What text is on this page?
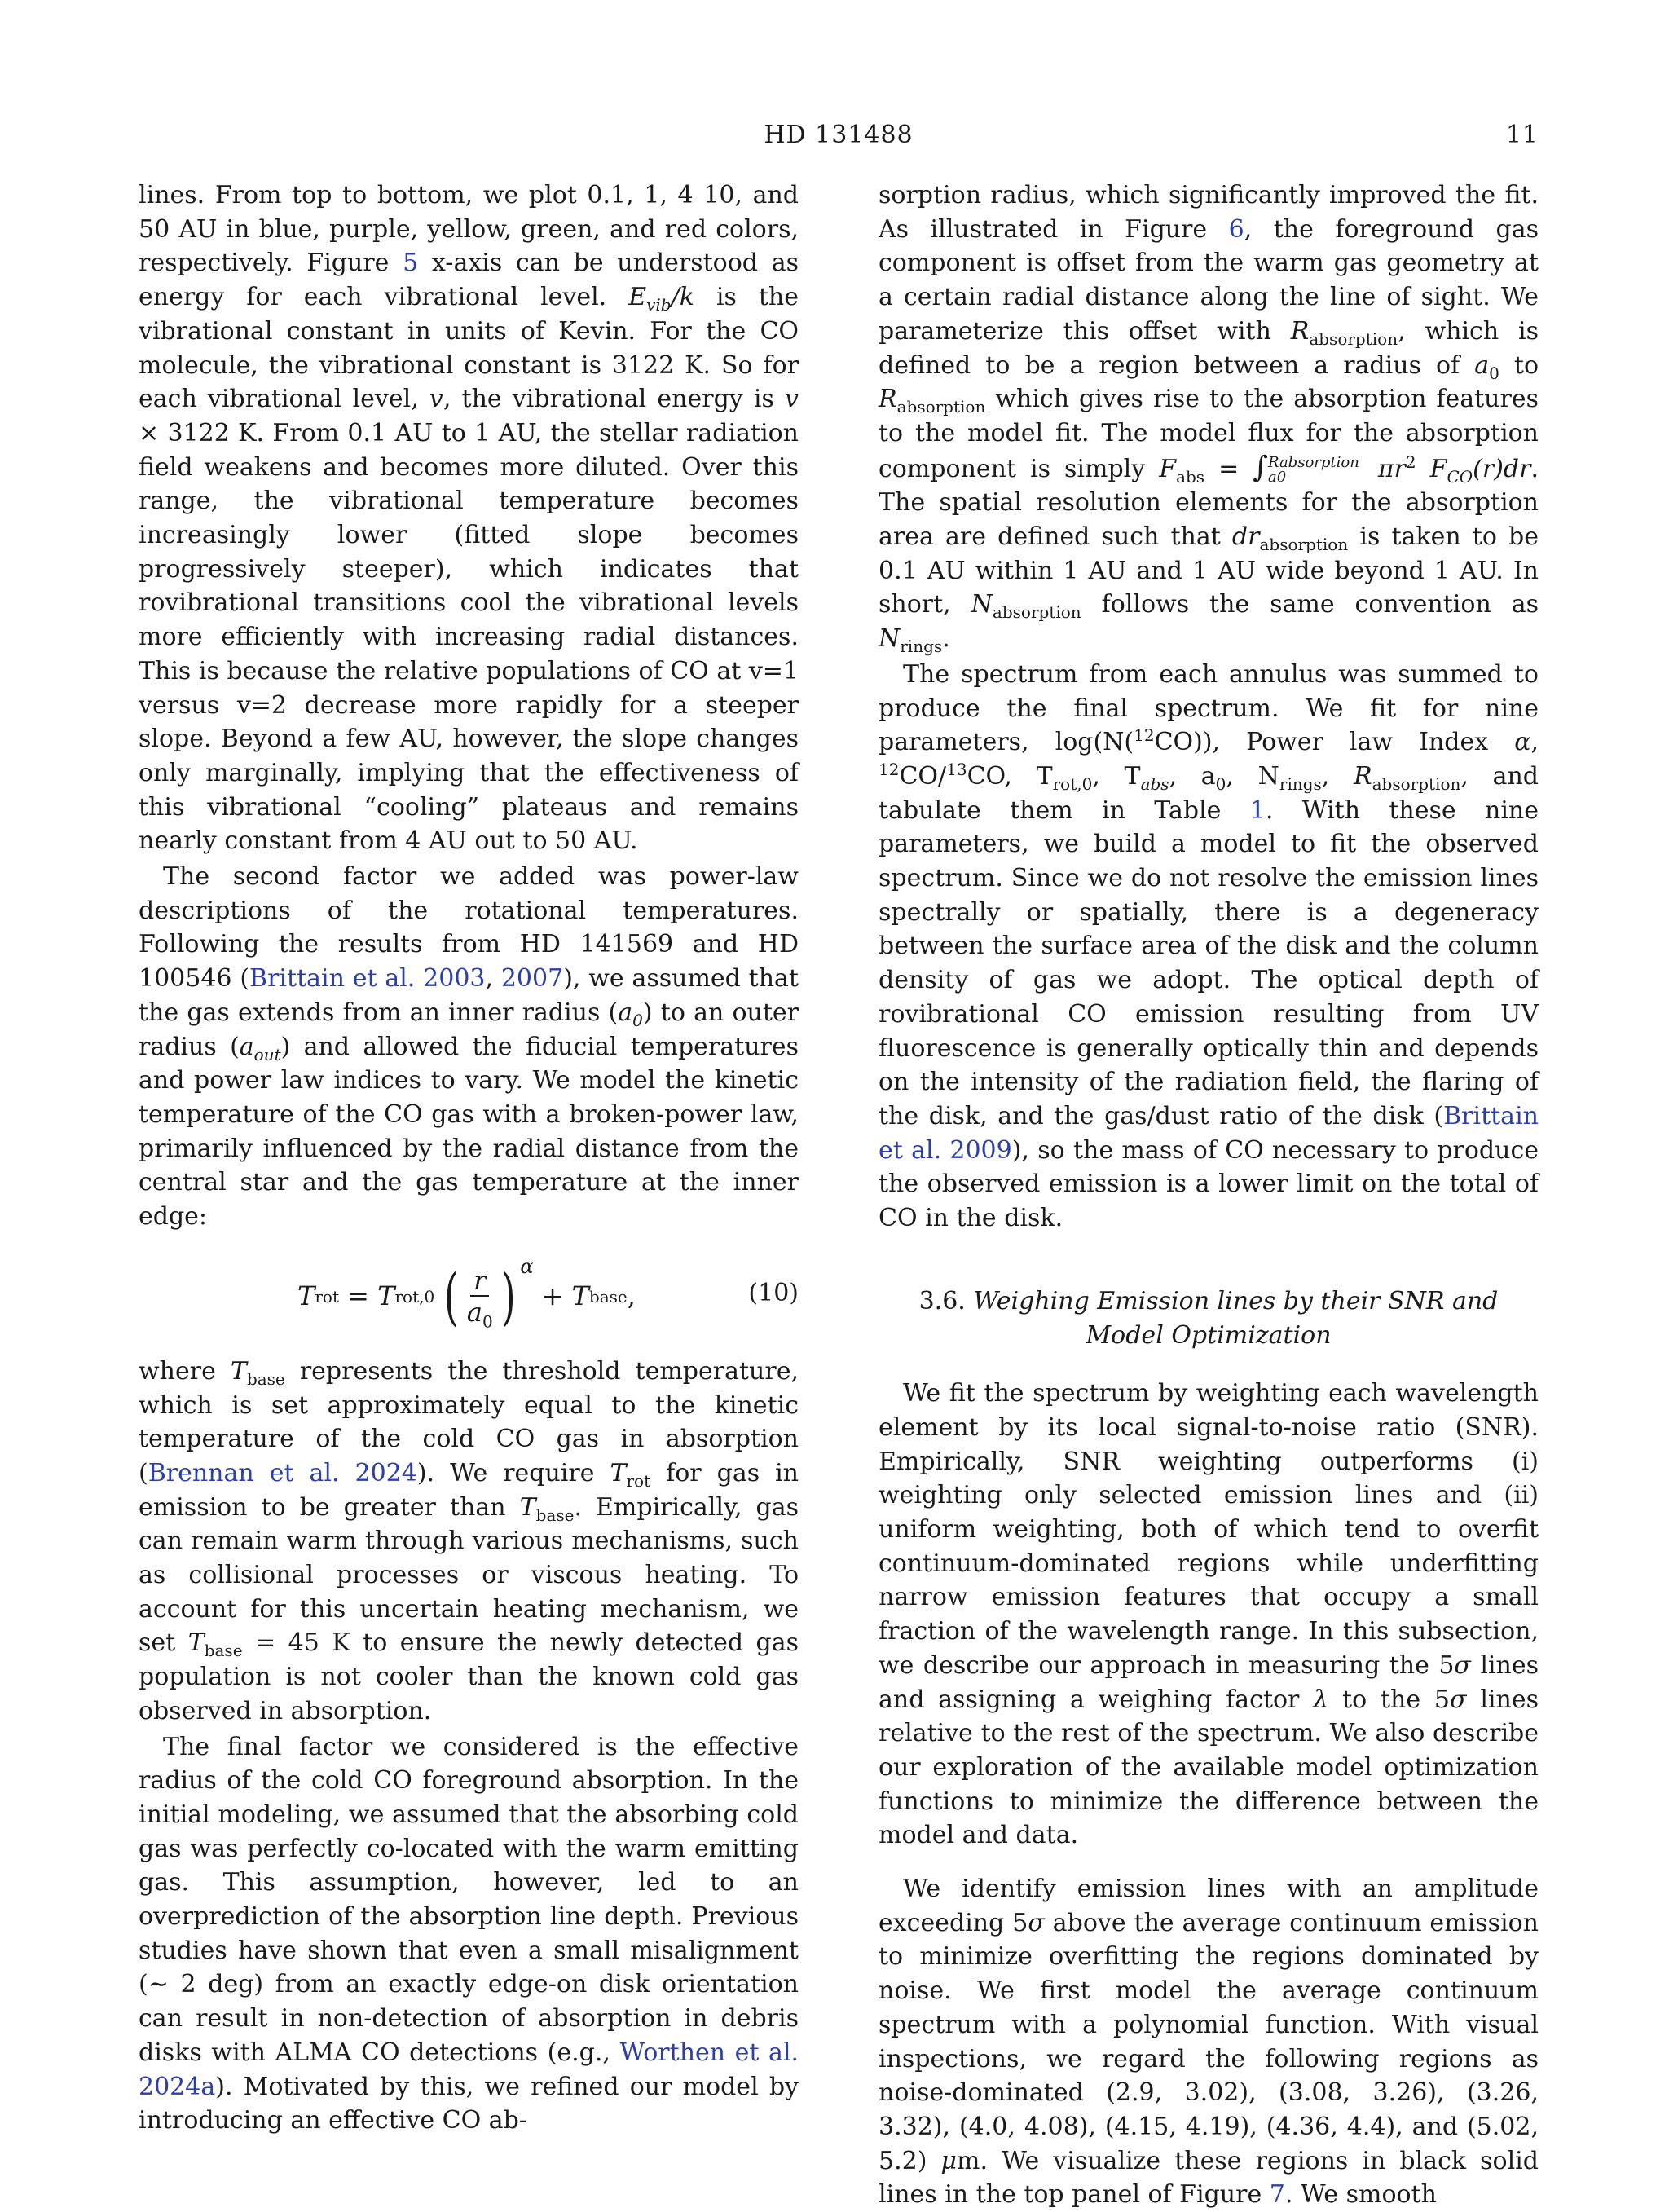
HD 131488	11

lines. From top to bottom, we plot 0.1, 1, 4 10, and 50 AU in blue, purple, yellow, green, and red colors, respectively. Figure 5 x-axis can be understood as energy for each vibrational level. $E_{vib}/k$ is the vibrational constant in units of Kevin. For the CO molecule, the vibrational constant is 3122 K. So for each vibrational level, v, the vibrational energy is v × 3122 K. From 0.1 AU to 1 AU, the stellar radiation field weakens and becomes more diluted. Over this range, the vibrational temperature becomes increasingly lower (fitted slope becomes progressively steeper), which indicates that rovibrational transitions cool the vibrational levels more efficiently with increasing radial distances. This is because the relative populations of CO at v=1 versus v=2 decrease more rapidly for a steeper slope. Beyond a few AU, however, the slope changes only marginally, implying that the effectiveness of this vibrational “cooling” plateaus and remains nearly constant from 4 AU out to 50 AU.

The second factor we added was power-law descriptions of the rotational temperatures. Following the results from HD 141569 and HD 100546 (Brittain et al. 2003, 2007), we assumed that the gas extends from an inner radius $(a_0)$ to an outer radius $(a_{out})$ and allowed the fiducial temperatures and power law indices to vary. We model the kinetic temperature of the CO gas with a broken-power law, primarily influenced by the radial distance from the central star and the gas temperature at the inner edge:

T rot = T rot,0 ( $\frac{r}{a_0}$ ) α
+ T base ,	(10)

where $T_{base}$ represents the threshold temperature, which is set approximately equal to the kinetic temperature of the cold CO gas in absorption (Brennan et al. 2024). We require $T_{rot}$ for gas in emission to be greater than $T_{base}$. Empirically, gas can remain warm through various mechanisms, such as collisional processes or viscous heating. To account for this uncertain heating mechanism, we set $T_{base} = 45$ K to ensure the newly detected gas population is not cooler than the known cold gas observed in absorption.

The final factor we considered is the effective radius of the cold CO foreground absorption. In the initial modeling, we assumed that the absorbing cold gas was perfectly co-located with the warm emitting gas. This assumption, however, led to an overprediction of the absorption line depth. Previous studies have shown that even a small misalignment (∼ 2 deg) from an exactly edge-on disk orientation can result in non-detection of absorption in debris disks with ALMA CO detections (e.g., Worthen et al. 2024a). Motivated by this, we refined our model by introducing an effective CO ab-

sorption radius, which significantly improved the fit. As illustrated in Figure 6, the foreground gas component is offset from the warm gas geometry at a certain radial distance along the line of sight. We parameterize this offset with $R_{absorption}$, which is defined to be a region between a radius of $a_0$ to $R_{absorption}$ which gives rise to the absorption features to the model fit. The model flux for the absorption component is simply $F_{abs}$ = ∫ Rabsorption
a0	$\pi r^2$ $F_{CO}(r)dr$. The spatial resolution elements for the absorption area are defined such that $dr_{absorption}$ is taken to be 0.1 AU within 1 AU and 1 AU wide beyond 1 AU. In short, $N_{absorption}$ follows the same convention as $N_{rings}$.

The spectrum from each annulus was summed to produce the final spectrum. We fit for nine parameters, log(N($^{12}$CO)), Power law Index α, $^{12}$CO/$^{13}$CO, $T_{rot,0}$, $T_{abs}$, $a_0$, $N_{rings}$, $R_{absorption}$, and tabulate them in Table 1. With these nine parameters, we build a model to fit the observed spectrum. Since we do not resolve the emission lines spectrally or spatially, there is a degeneracy between the surface area of the disk and the column density of gas we adopt. The optical depth of rovibrational CO emission resulting from UV fluorescence is generally optically thin and depends on the intensity of the radiation field, the flaring of the disk, and the gas/dust ratio of the disk (Brittain et al. 2009), so the mass of CO necessary to produce the observed emission is a lower limit on the total of CO in the disk.

3.6. Weighing Emission lines by their SNR and Model Optimization

We fit the spectrum by weighting each wavelength element by its local signal-to-noise ratio (SNR). Empirically, SNR weighting outperforms (i) weighting only selected emission lines and (ii) uniform weighting, both of which tend to overfit continuum-dominated regions while underfitting narrow emission features that occupy a small fraction of the wavelength range. In this subsection, we describe our approach in measuring the 5σ lines and assigning a weighing factor λ to the 5σ lines relative to the rest of the spectrum. We also describe our exploration of the available model optimization functions to minimize the difference between the model and data.

We identify emission lines with an amplitude exceeding 5σ above the average continuum emission to minimize overfitting the regions dominated by noise. We first model the average continuum spectrum with a polynomial function. With visual inspections, we regard the following regions as noise-dominated (2.9, 3.02), (3.08, 3.26), (3.26, 3.32), (4.0, 4.08), (4.15, 4.19), (4.36, 4.4), and (5.02, 5.2) μm. We visualize these regions in black solid lines in the top panel of Figure 7. We smooth
